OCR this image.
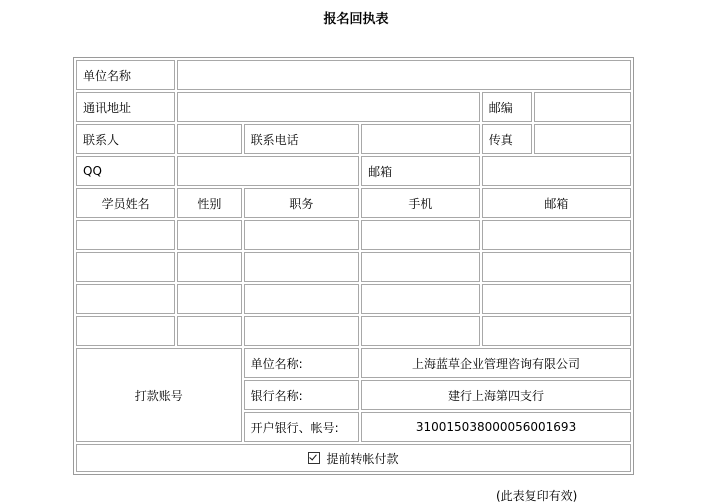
报名回执表
单位名称					
通讯地址				邮编	
联系人		联系电话		传真	
QQ			邮箱		
学员姓名	性别	职务	手机	邮箱	

打款账号		单位名称:	上海蓝草企业管理咨询有限公司		
		银行名称:	建行上海第四支行		
		开户银行、帐号:	310015038000056001693		
提前转帐付款					
(此表复印有效)
